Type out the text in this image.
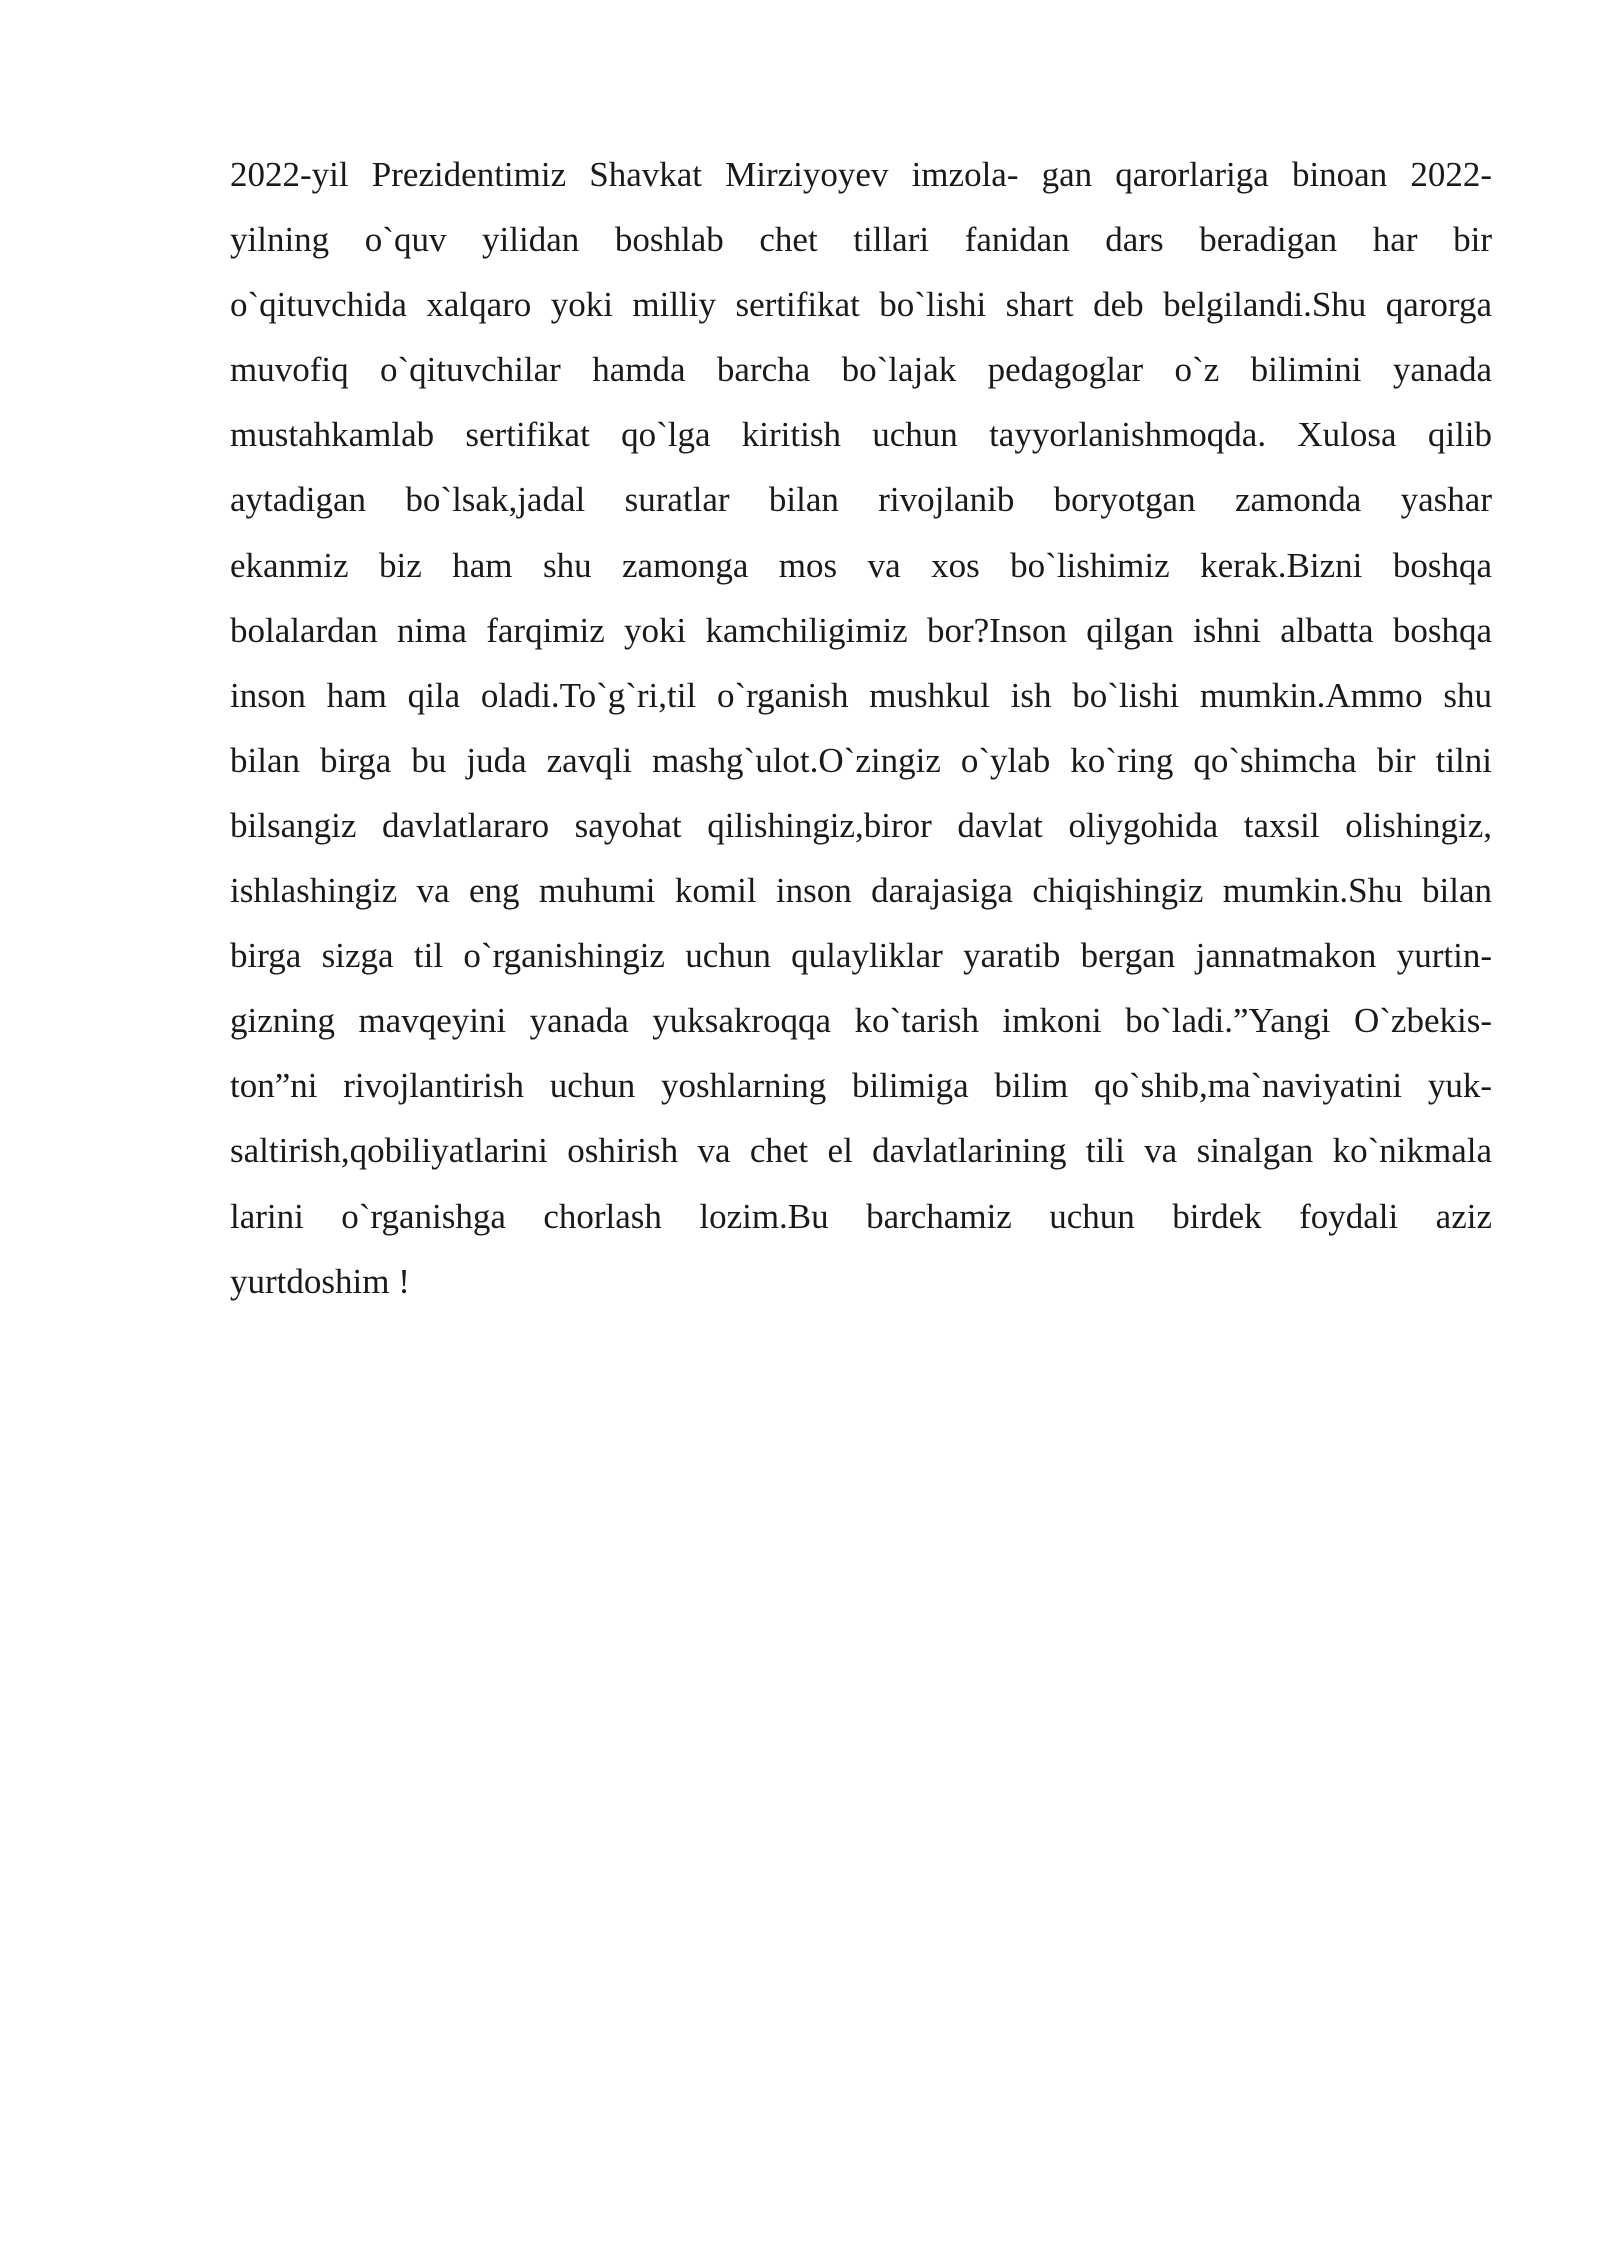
2022-yil Prezidentimiz Shavkat Mirziyoyev imzola- gan qarorlariga binoan 2022-
yilning o`quv yilidan boshlab chet tillari fanidan dars beradigan har bir
o`qituvchida xalqaro yoki milliy sertifikat bo`lishi shart deb belgilandi.Shu qarorga
muvofiq o`qituvchilar hamda barcha bo`lajak pedagoglar o`z bilimini yanada
mustahkamlab sertifikat qo`lga kiritish uchun tayyorlanishmoqda. Xulosa qilib
aytadigan bo`lsak,jadal suratlar bilan rivojlanib boryotgan zamonda yashar
ekanmiz biz ham shu zamonga mos va xos bo`lishimiz kerak.Bizni boshqa
bolalardan nima farqimiz yoki kamchiligimiz bor?Inson qilgan ishni albatta boshqa
inson ham qila oladi.To`g`ri,til o`rganish mushkul ish bo`lishi mumkin.Ammo shu
bilan birga bu juda zavqli mashg`ulot.O`zingiz o`ylab ko`ring qo`shimcha bir tilni
bilsangiz davlatlararo sayohat qilishingiz,biror davlat oliygohida taxsil olishingiz,
ishlashingiz va eng muhumi komil inson darajasiga chiqishingiz mumkin.Shu bilan
birga sizga til o`rganishingiz uchun qulayliklar yaratib bergan jannatmakon yurtin-
gizning mavqeyini yanada yuksakroqqa ko`tarish imkoni bo`ladi.”Yangi O`zbekis-
ton”ni rivojlantirish uchun yoshlarning bilimiga bilim qo`shib,ma`naviyatini yuk-
saltirish,qobiliyatlarini oshirish va chet el davlatlarining tili va sinalgan ko`nikmala
larini o`rganishga chorlash lozim.Bu barchamiz uchun birdek foydali aziz
yurtdoshim !
